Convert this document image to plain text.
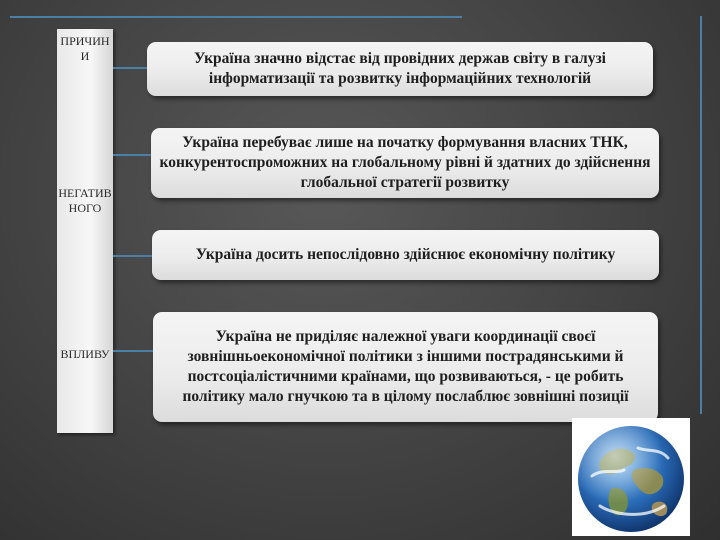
ПРИЧИНИ
НЕГАТИВНОГО
ВПЛИВУ
Україна значно відстає від провідних держав світу в галузі інформатизації та розвитку інформаційних технологій
Україна перебуває лише на початку формування власних ТНК, конкурентоспроможних на глобальному рівні й здатних до здійснення глобальної стратегії розвитку
Україна досить непослідовно здійснює економічну політику
Україна не приділяє належної уваги координації своєї зовнішньоекономічної політики з іншими пострадянськими й постсоціалістичними країнами, що розвиваються, - це робить політику мало гнучкою та в цілому послаблює зовнішні позиції
